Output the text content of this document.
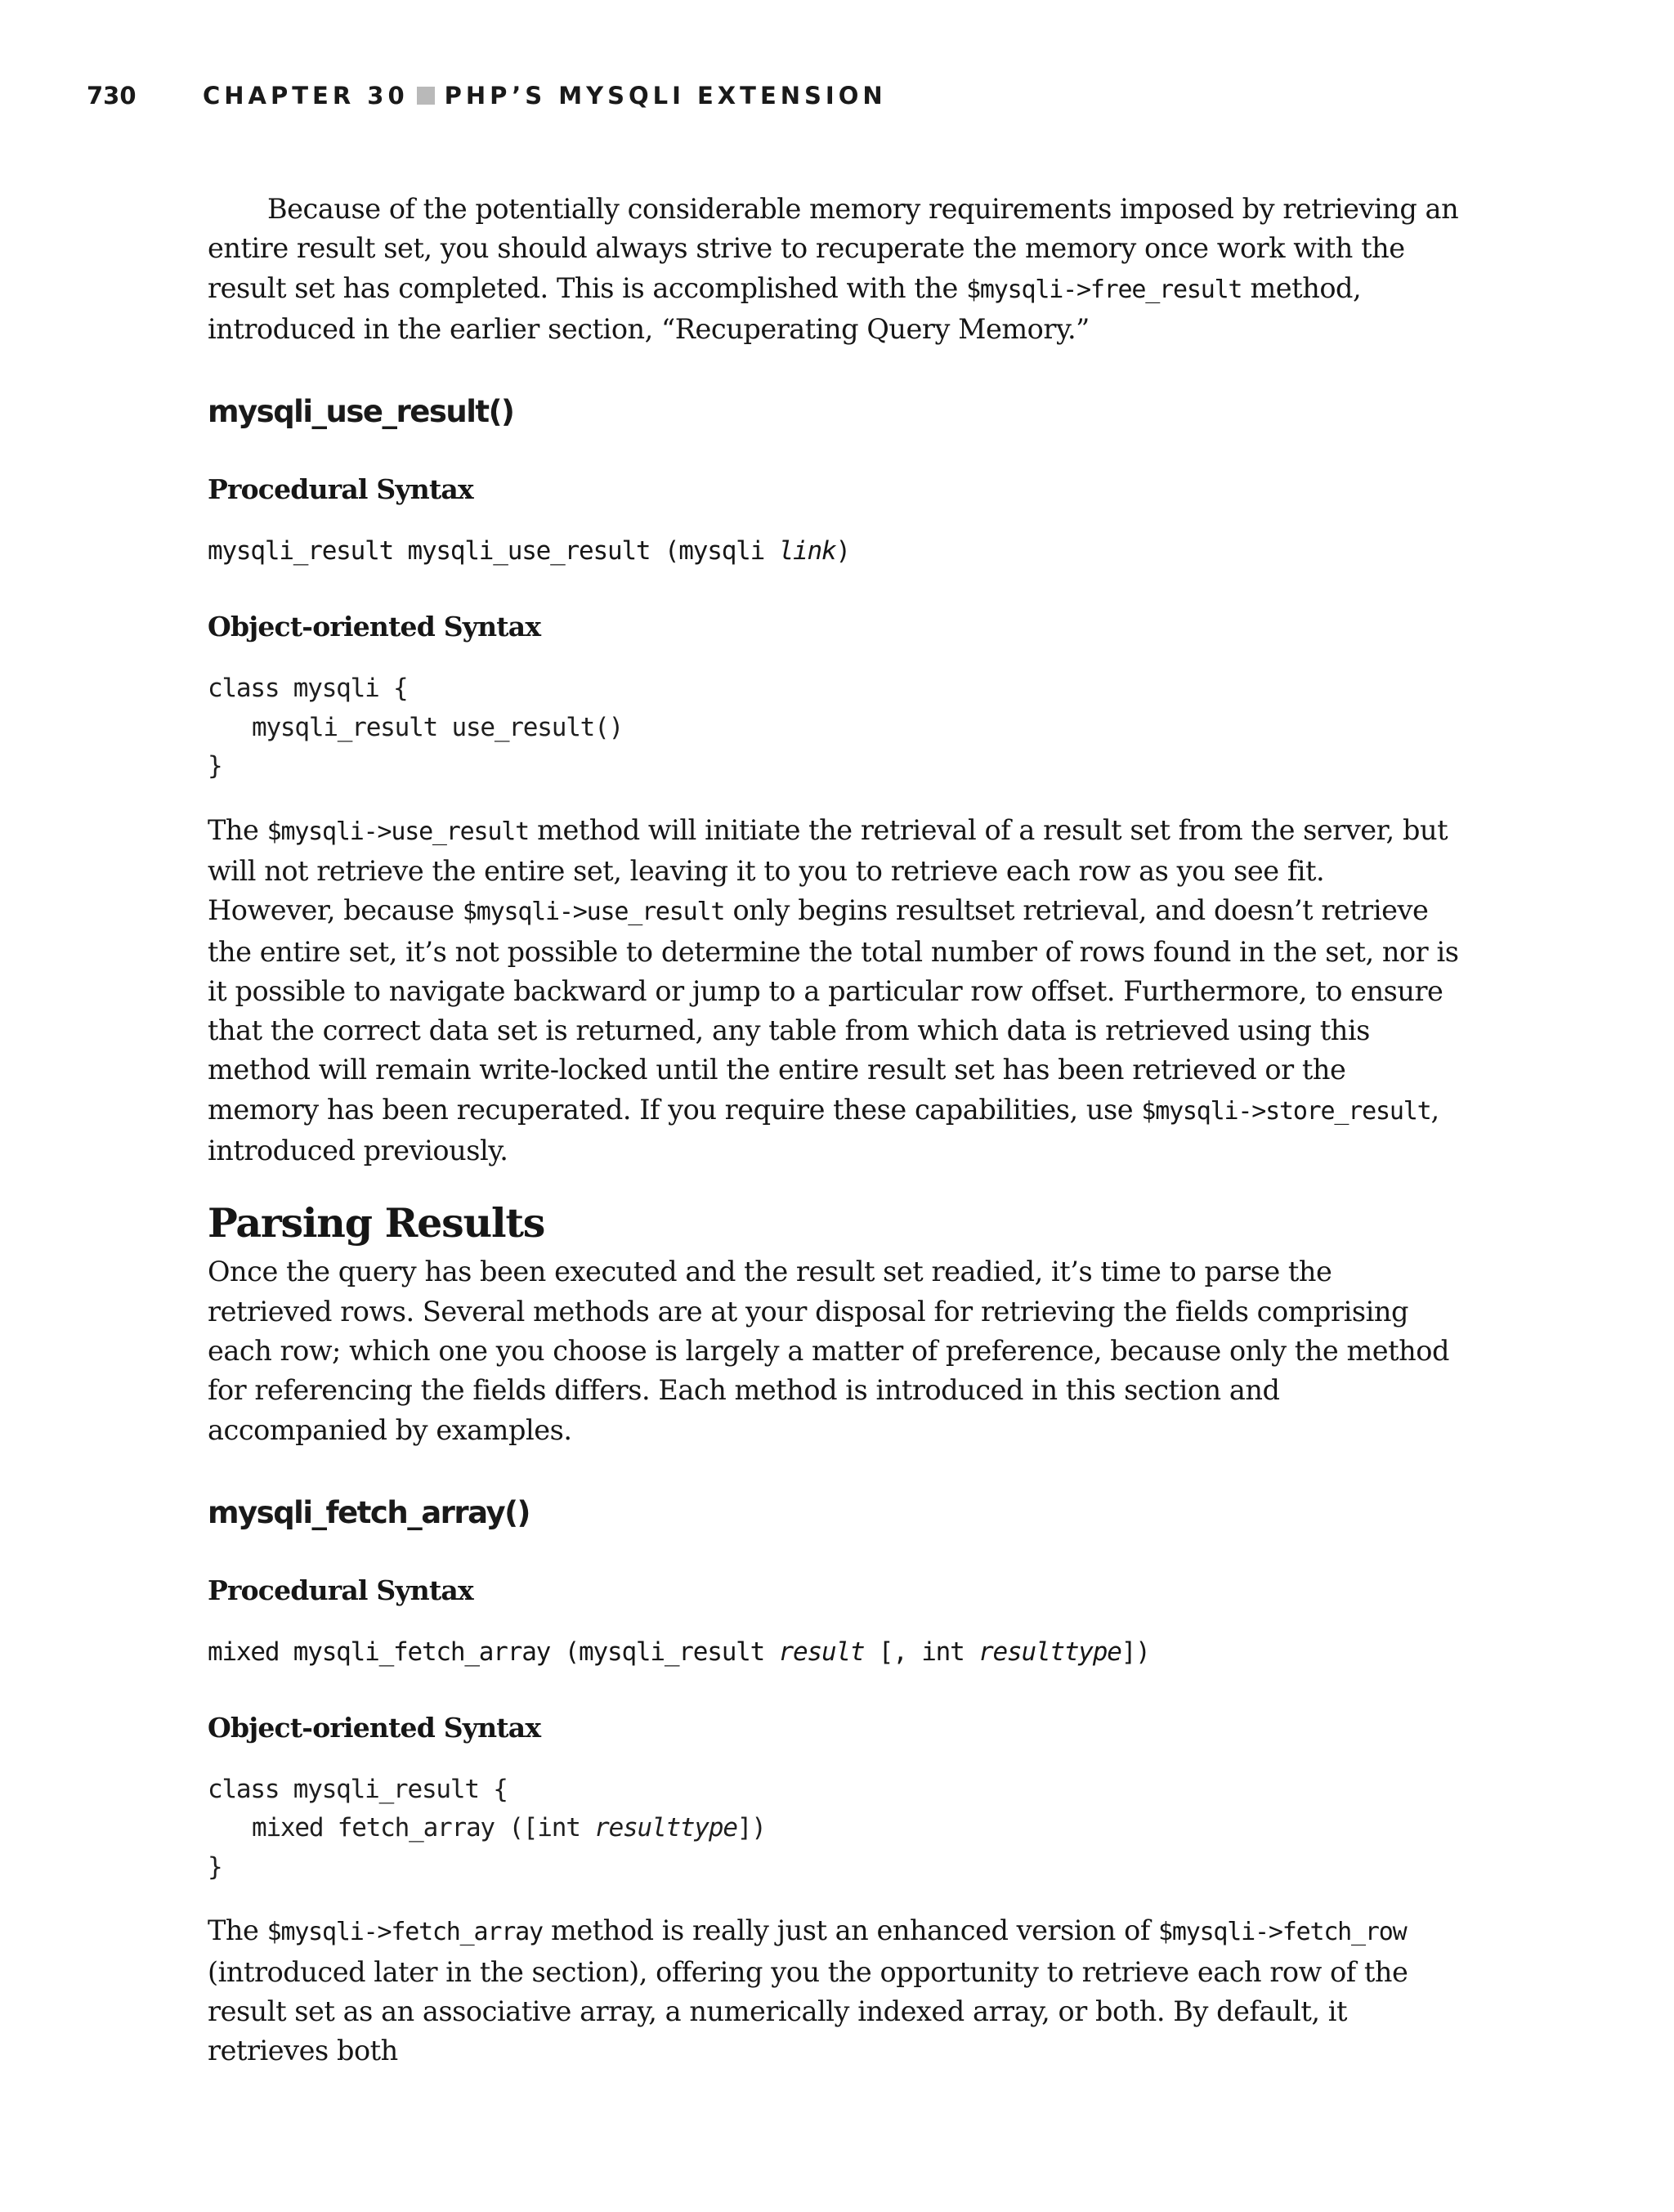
730	CHAPTER 30 PHP’S MYSQLI EXTENSION

Because of the potentially considerable memory requirements imposed by retrieving an entire result set, you should always strive to recuperate the memory once work with the result set has completed. This is accomplished with the $mysqli->free_result method, introduced in the earlier section, “Recuperating Query Memory.”

mysqli_use_result()
Procedural Syntax
mysqli_result mysqli_use_result (mysqli link)
Object-oriented Syntax
class mysqli {
mysqli_result use_result()
}

The $mysqli->use_result method will initiate the retrieval of a result set from the server, but will not retrieve the entire set, leaving it to you to retrieve each row as you see fit. However, because $mysqli->use_result only begins resultset retrieval, and doesn’t retrieve the entire set, it’s not possible to determine the total number of rows found in the set, nor is it possible to navigate backward or jump to a particular row offset. Furthermore, to ensure that the correct data set is returned, any table from which data is retrieved using this method will remain write-locked until the entire result set has been retrieved or the memory has been recuperated. If you require these capabilities, use $mysqli->store_result, introduced previously.

Parsing Results

Once the query has been executed and the result set readied, it’s time to parse the retrieved rows. Several methods are at your disposal for retrieving the fields comprising each row; which one you choose is largely a matter of preference, because only the method for referencing the fields differs. Each method is introduced in this section and accompanied by examples.

mysqli_fetch_array()
Procedural Syntax
mixed mysqli_fetch_array (mysqli_result result [, int resulttype])
Object-oriented Syntax
class mysqli_result {
mixed fetch_array ([int resulttype])
}

The $mysqli->fetch_array method is really just an enhanced version of $mysqli->fetch_row (introduced later in the section), offering you the opportunity to retrieve each row of the result set as an associative array, a numerically indexed array, or both. By default, it retrieves both
